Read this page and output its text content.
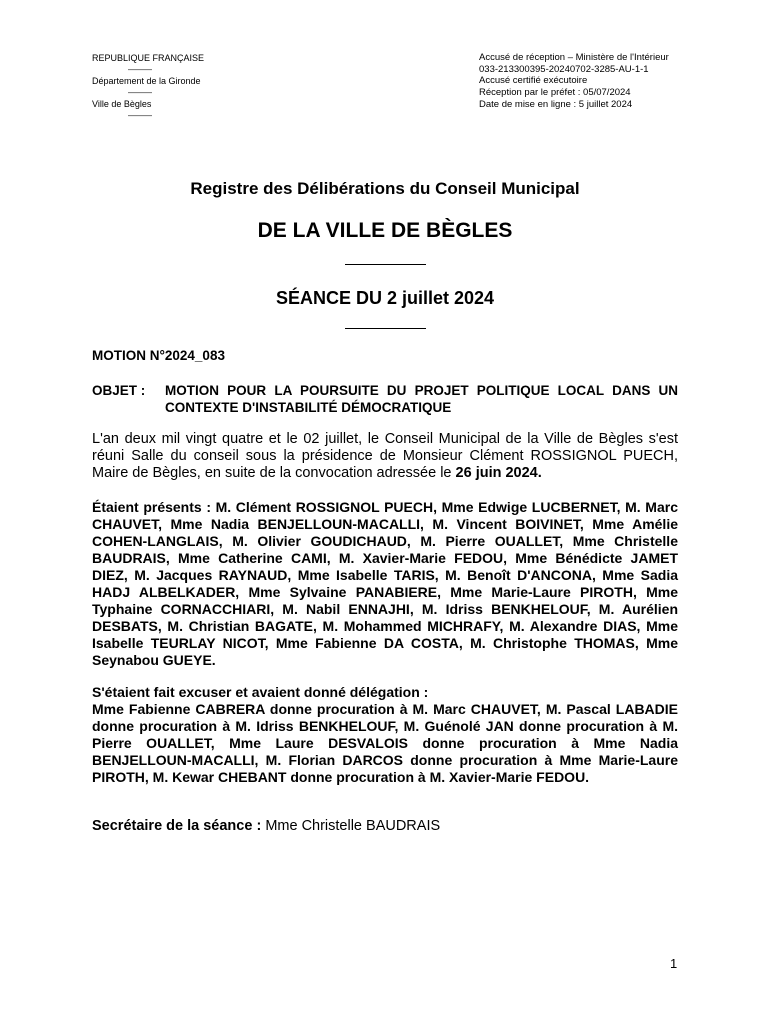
REPUBLIQUE FRANÇAISE
———
Département de la Gironde
———
Ville de Bègles
———
Accusé de réception – Ministère de l'Intérieur
033-213300395-20240702-3285-AU-1-1
Accusé certifié exécutoire
Réception par le préfet : 05/07/2024
Date de mise en ligne : 5 juillet 2024
Registre des Délibérations du Conseil Municipal
DE LA VILLE DE BÈGLES
SÉANCE DU 2 juillet 2024
MOTION N°2024_083
OBJET : MOTION POUR LA POURSUITE DU PROJET POLITIQUE LOCAL DANS UN CONTEXTE D'INSTABILITÉ DÉMOCRATIQUE
L'an deux mil vingt quatre et le 02 juillet, le Conseil Municipal de la Ville de Bègles s'est réuni Salle du conseil sous la présidence de Monsieur Clément ROSSIGNOL PUECH, Maire de Bègles, en suite de la convocation adressée le 26 juin 2024.
Étaient présents : M. Clément ROSSIGNOL PUECH, Mme Edwige LUCBERNET, M. Marc CHAUVET, Mme Nadia BENJELLOUN-MACALLI, M. Vincent BOIVINET, Mme Amélie COHEN-LANGLAIS, M. Olivier GOUDICHAUD, M. Pierre OUALLET, Mme Christelle BAUDRAIS, Mme Catherine CAMI, M. Xavier-Marie FEDOU, Mme Bénédicte JAMET DIEZ, M. Jacques RAYNAUD, Mme Isabelle TARIS, M. Benoît D'ANCONA, Mme Sadia HADJ ALBELKADER, Mme Sylvaine PANABIERE, Mme Marie-Laure PIROTH, Mme Typhaine CORNACCHIARI, M. Nabil ENNAJHI, M. Idriss BENKHELOUF, M. Aurélien DESBATS, M. Christian BAGATE, M. Mohammed MICHRAFY, M. Alexandre DIAS, Mme Isabelle TEURLAY NICOT, Mme Fabienne DA COSTA, M. Christophe THOMAS, Mme Seynabou GUEYE.
S'étaient fait excuser et avaient donné délégation :
Mme Fabienne CABRERA donne procuration à M. Marc CHAUVET, M. Pascal LABADIE donne procuration à M. Idriss BENKHELOUF, M. Guénolé JAN donne procuration à M. Pierre OUALLET, Mme Laure DESVALOIS donne procuration à Mme Nadia BENJELLOUN-MACALLI, M. Florian DARCOS donne procuration à Mme Marie-Laure PIROTH, M. Kewar CHEBANT donne procuration à M. Xavier-Marie FEDOU.
Secrétaire de la séance : Mme Christelle BAUDRAIS
1
